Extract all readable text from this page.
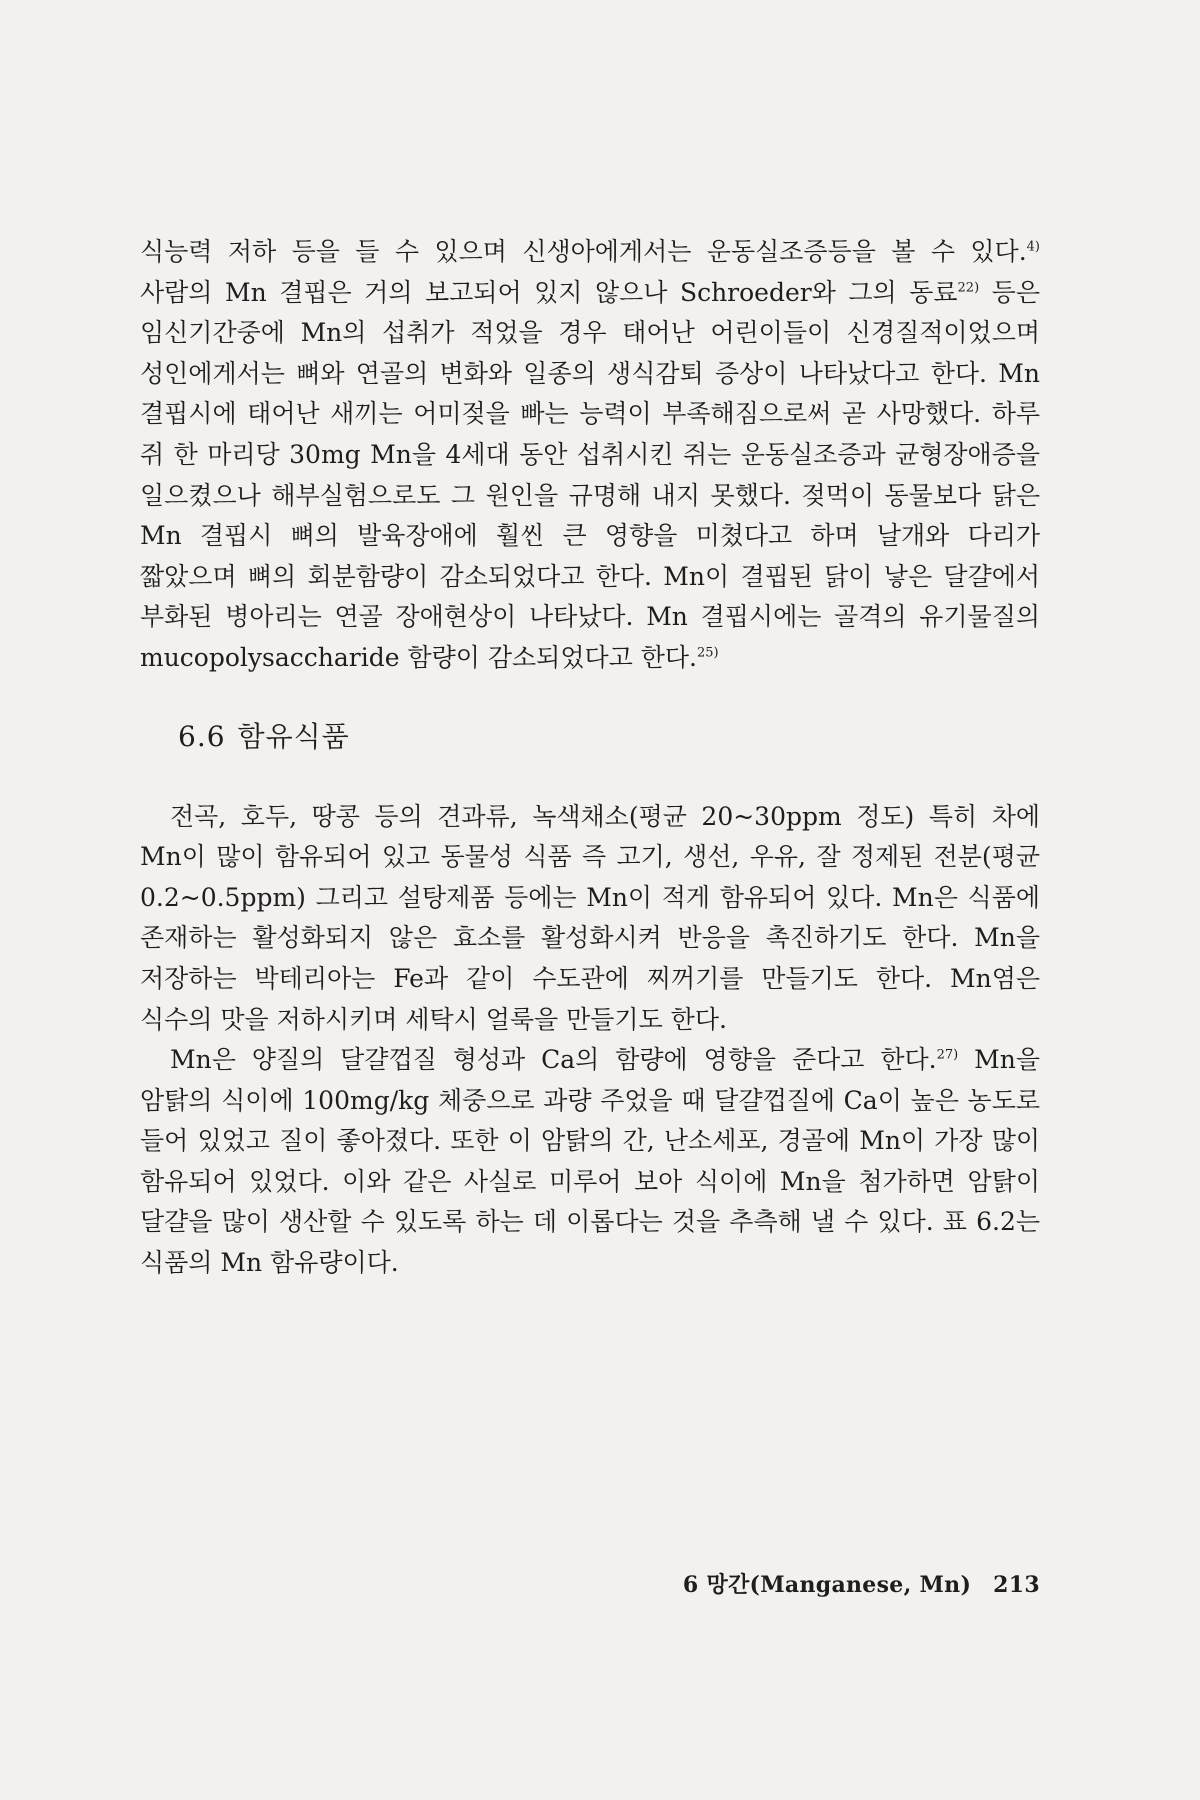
식능력 저하 등을 들 수 있으며 신생아에게서는 운동실조증등을 볼 수 있다.$^{4)}$ 사람의 Mn 결핍은 거의 보고되어 있지 않으나 Schroeder와 그의 동료$^{22)}$ 등은 임신기간중에 Mn의 섭취가 적었을 경우 태어난 어린이들이 신경질적이었으며 성인에게서는 뼈와 연골의 변화와 일종의 생식감퇴 증상이 나타났다고 한다. Mn 결핍시에 태어난 새끼는 어미젖을 빠는 능력이 부족해짐으로써 곧 사망했다. 하루 쥐 한 마리당 30mg Mn을 4세대 동안 섭취시킨 쥐는 운동실조증과 균형장애증을 일으켰으나 해부실험으로도 그 원인을 규명해 내지 못했다. 젖먹이 동물보다 닭은 Mn 결핍시 뼈의 발육장애에 훨씬 큰 영향을 미쳤다고 하며 날개와 다리가 짧았으며 뼈의 회분함량이 감소되었다고 한다. Mn이 결핍된 닭이 낳은 달걀에서 부화된 병아리는 연골 장애현상이 나타났다. Mn 결핍시에는 골격의 유기물질의 mucopolysaccharide 함량이 감소되었다고 한다.$^{25)}$

6.6 함유식품

전곡, 호두, 땅콩 등의 견과류, 녹색채소(평균 20~30ppm 정도) 특히 차에 Mn이 많이 함유되어 있고 동물성 식품 즉 고기, 생선, 우유, 잘 정제된 전분(평균 0.2~0.5ppm) 그리고 설탕제품 등에는 Mn이 적게 함유되어 있다. Mn은 식품에 존재하는 활성화되지 않은 효소를 활성화시켜 반응을 촉진하기도 한다. Mn을 저장하는 박테리아는 Fe과 같이 수도관에 찌꺼기를 만들기도 한다. Mn염은 식수의 맛을 저하시키며 세탁시 얼룩을 만들기도 한다.

Mn은 양질의 달걀껍질 형성과 Ca의 함량에 영향을 준다고 한다.$^{27)}$ Mn을 암탉의 식이에 100mg/kg 체중으로 과량 주었을 때 달걀껍질에 Ca이 높은 농도로 들어 있었고 질이 좋아졌다. 또한 이 암탉의 간, 난소세포, 경골에 Mn이 가장 많이 함유되어 있었다. 이와 같은 사실로 미루어 보아 식이에 Mn을 첨가하면 암탉이 달걀을 많이 생산할 수 있도록 하는 데 이롭다는 것을 추측해 낼 수 있다. 표 6.2는 식품의 Mn 함유량이다.

6 망간(Manganese, Mn) 213
